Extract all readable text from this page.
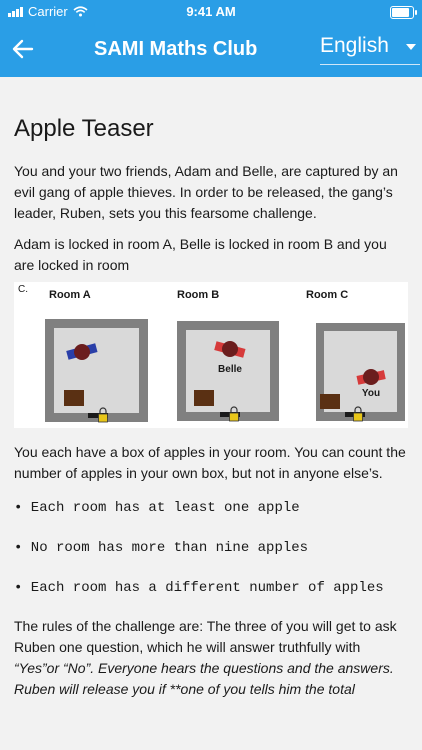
Carrier	9:41 AM
SAMI Maths Club	English
Apple Teaser

You and your two friends, Adam and Belle, are captured by an evil gang of apple thieves. In order to be released, the gang’s leader, Ruben, sets you this fearsome challenge.

Adam is locked in room A, Belle is locked in room B and you are locked in room

C. Room A	Room B	Room C
Belle
You

You each have a box of apples in your room. You can count the number of apples in your own box, but not in anyone else’s.

• Each room has at least one apple
• No room has more than nine apples
• Each room has a different number of apples

The rules of the challenge are: The three of you will get to ask Ruben one question, which he will answer truthfully with “Yes”or “No”. Everyone hears the questions and the answers. Ruben will release you if **one of you tells him the total
